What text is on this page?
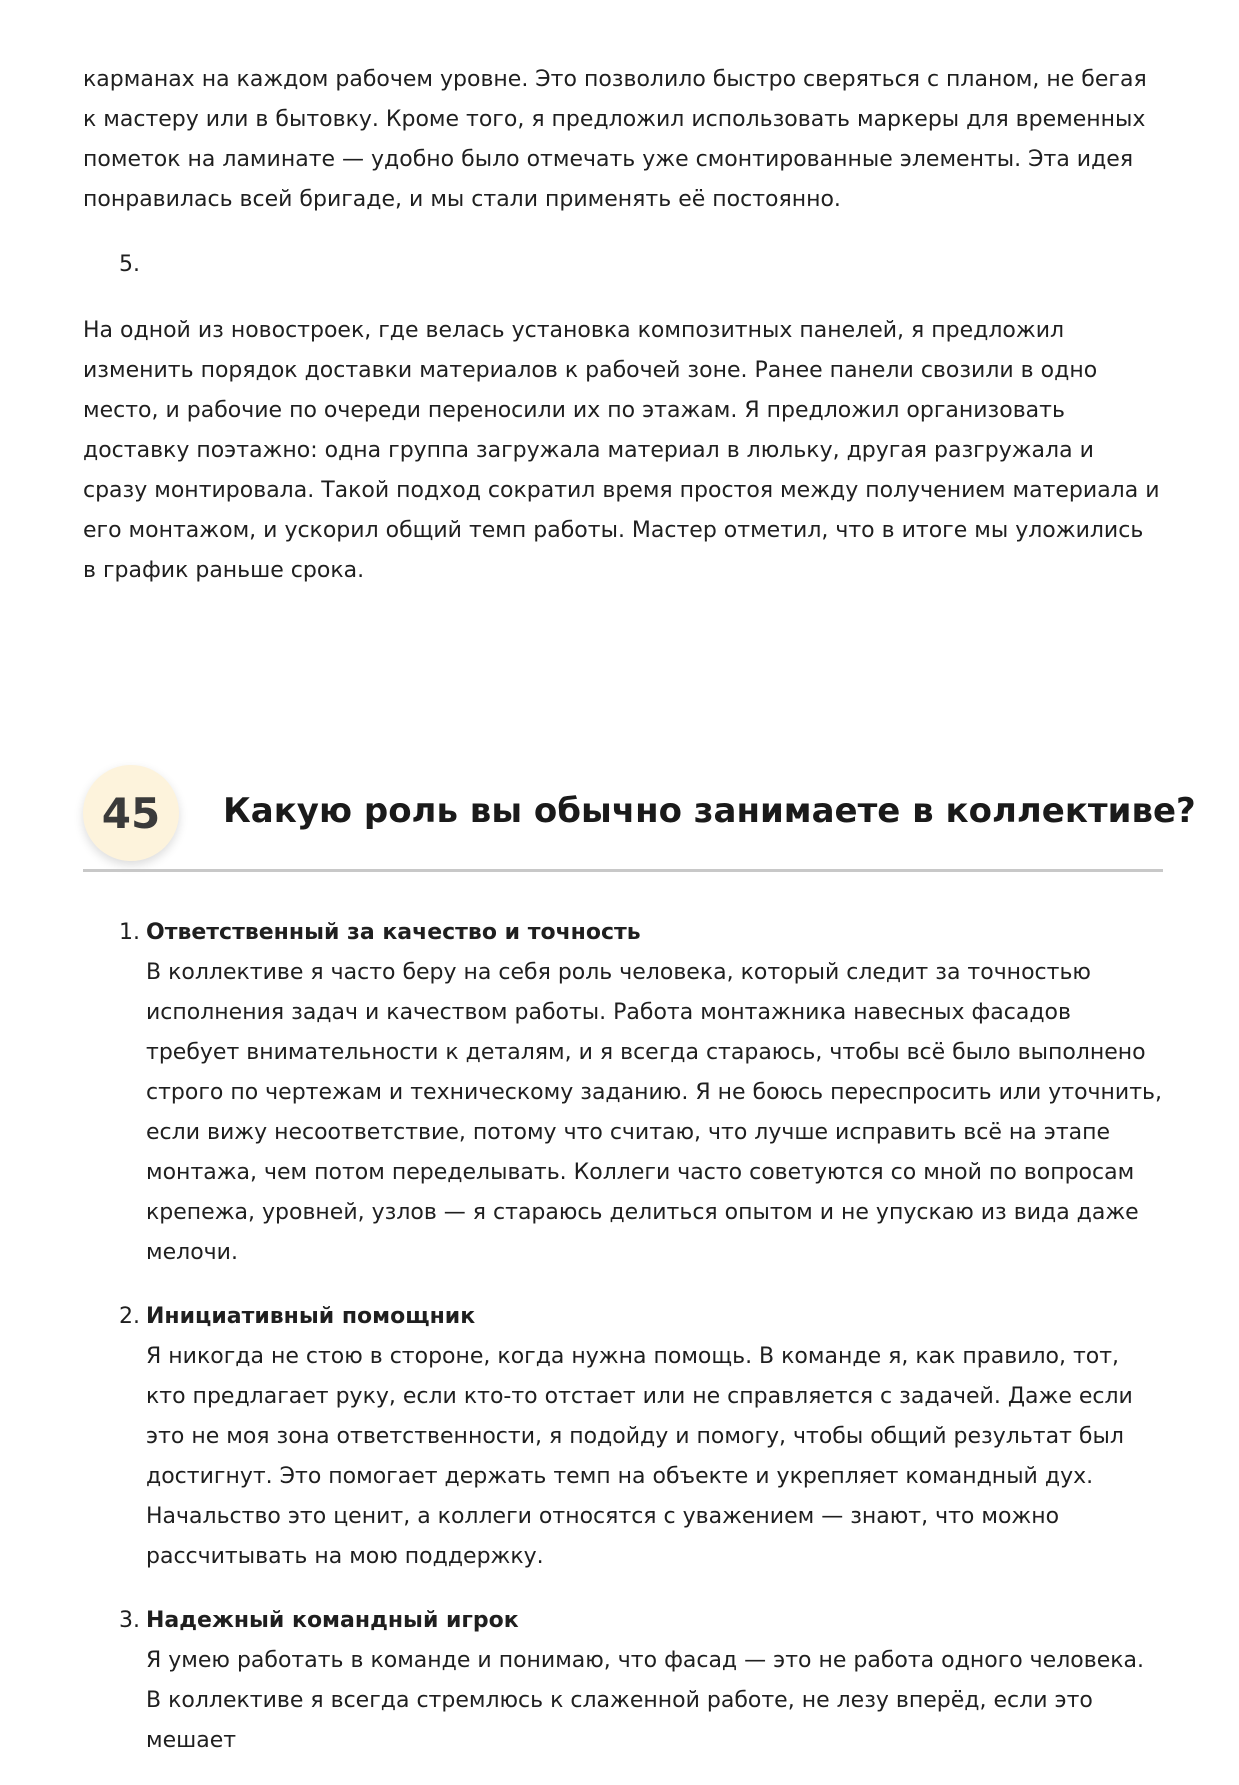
карманах на каждом рабочем уровне. Это позволило быстро сверяться с планом, не бегая к мастеру или в бытовку. Кроме того, я предложил использовать маркеры для временных пометок на ламинате — удобно было отмечать уже смонтированные элементы. Эта идея понравилась всей бригаде, и мы стали применять её постоянно.

5.

На одной из новостроек, где велась установка композитных панелей, я предложил изменить порядок доставки материалов к рабочей зоне. Ранее панели свозили в одно место, и рабочие по очереди переносили их по этажам. Я предложил организовать доставку поэтажно: одна группа загружала материал в люльку, другая разгружала и сразу монтировала. Такой подход сократил время простоя между получением материала и его монтажом, и ускорил общий темп работы. Мастер отметил, что в итоге мы уложились в график раньше срока.

45	Какую роль вы обычно занимаете в коллективе?
1. Ответственный за качество и точность

В коллективе я часто беру на себя роль человека, который следит за точностью исполнения задач и качеством работы. Работа монтажника навесных фасадов требует внимательности к деталям, и я всегда стараюсь, чтобы всё было выполнено строго по чертежам и техническому заданию. Я не боюсь переспросить или уточнить, если вижу несоответствие, потому что считаю, что лучше исправить всё на этапе монтажа, чем потом переделывать. Коллеги часто советуются со мной по вопросам крепежа, уровней, узлов — я стараюсь делиться опытом и не упускаю из вида даже мелочи.

2. Инициативный помощник

Я никогда не стою в стороне, когда нужна помощь. В команде я, как правило, тот, кто предлагает руку, если кто-то отстает или не справляется с задачей. Даже если это не моя зона ответственности, я подойду и помогу, чтобы общий результат был достигнут. Это помогает держать темп на объекте и укрепляет командный дух. Начальство это ценит, а коллеги относятся с уважением — знают, что можно рассчитывать на мою поддержку.

3. Надежный командный игрок

Я умею работать в команде и понимаю, что фасад — это не работа одного человека. В коллективе я всегда стремлюсь к слаженной работе, не лезу вперёд, если это мешает
